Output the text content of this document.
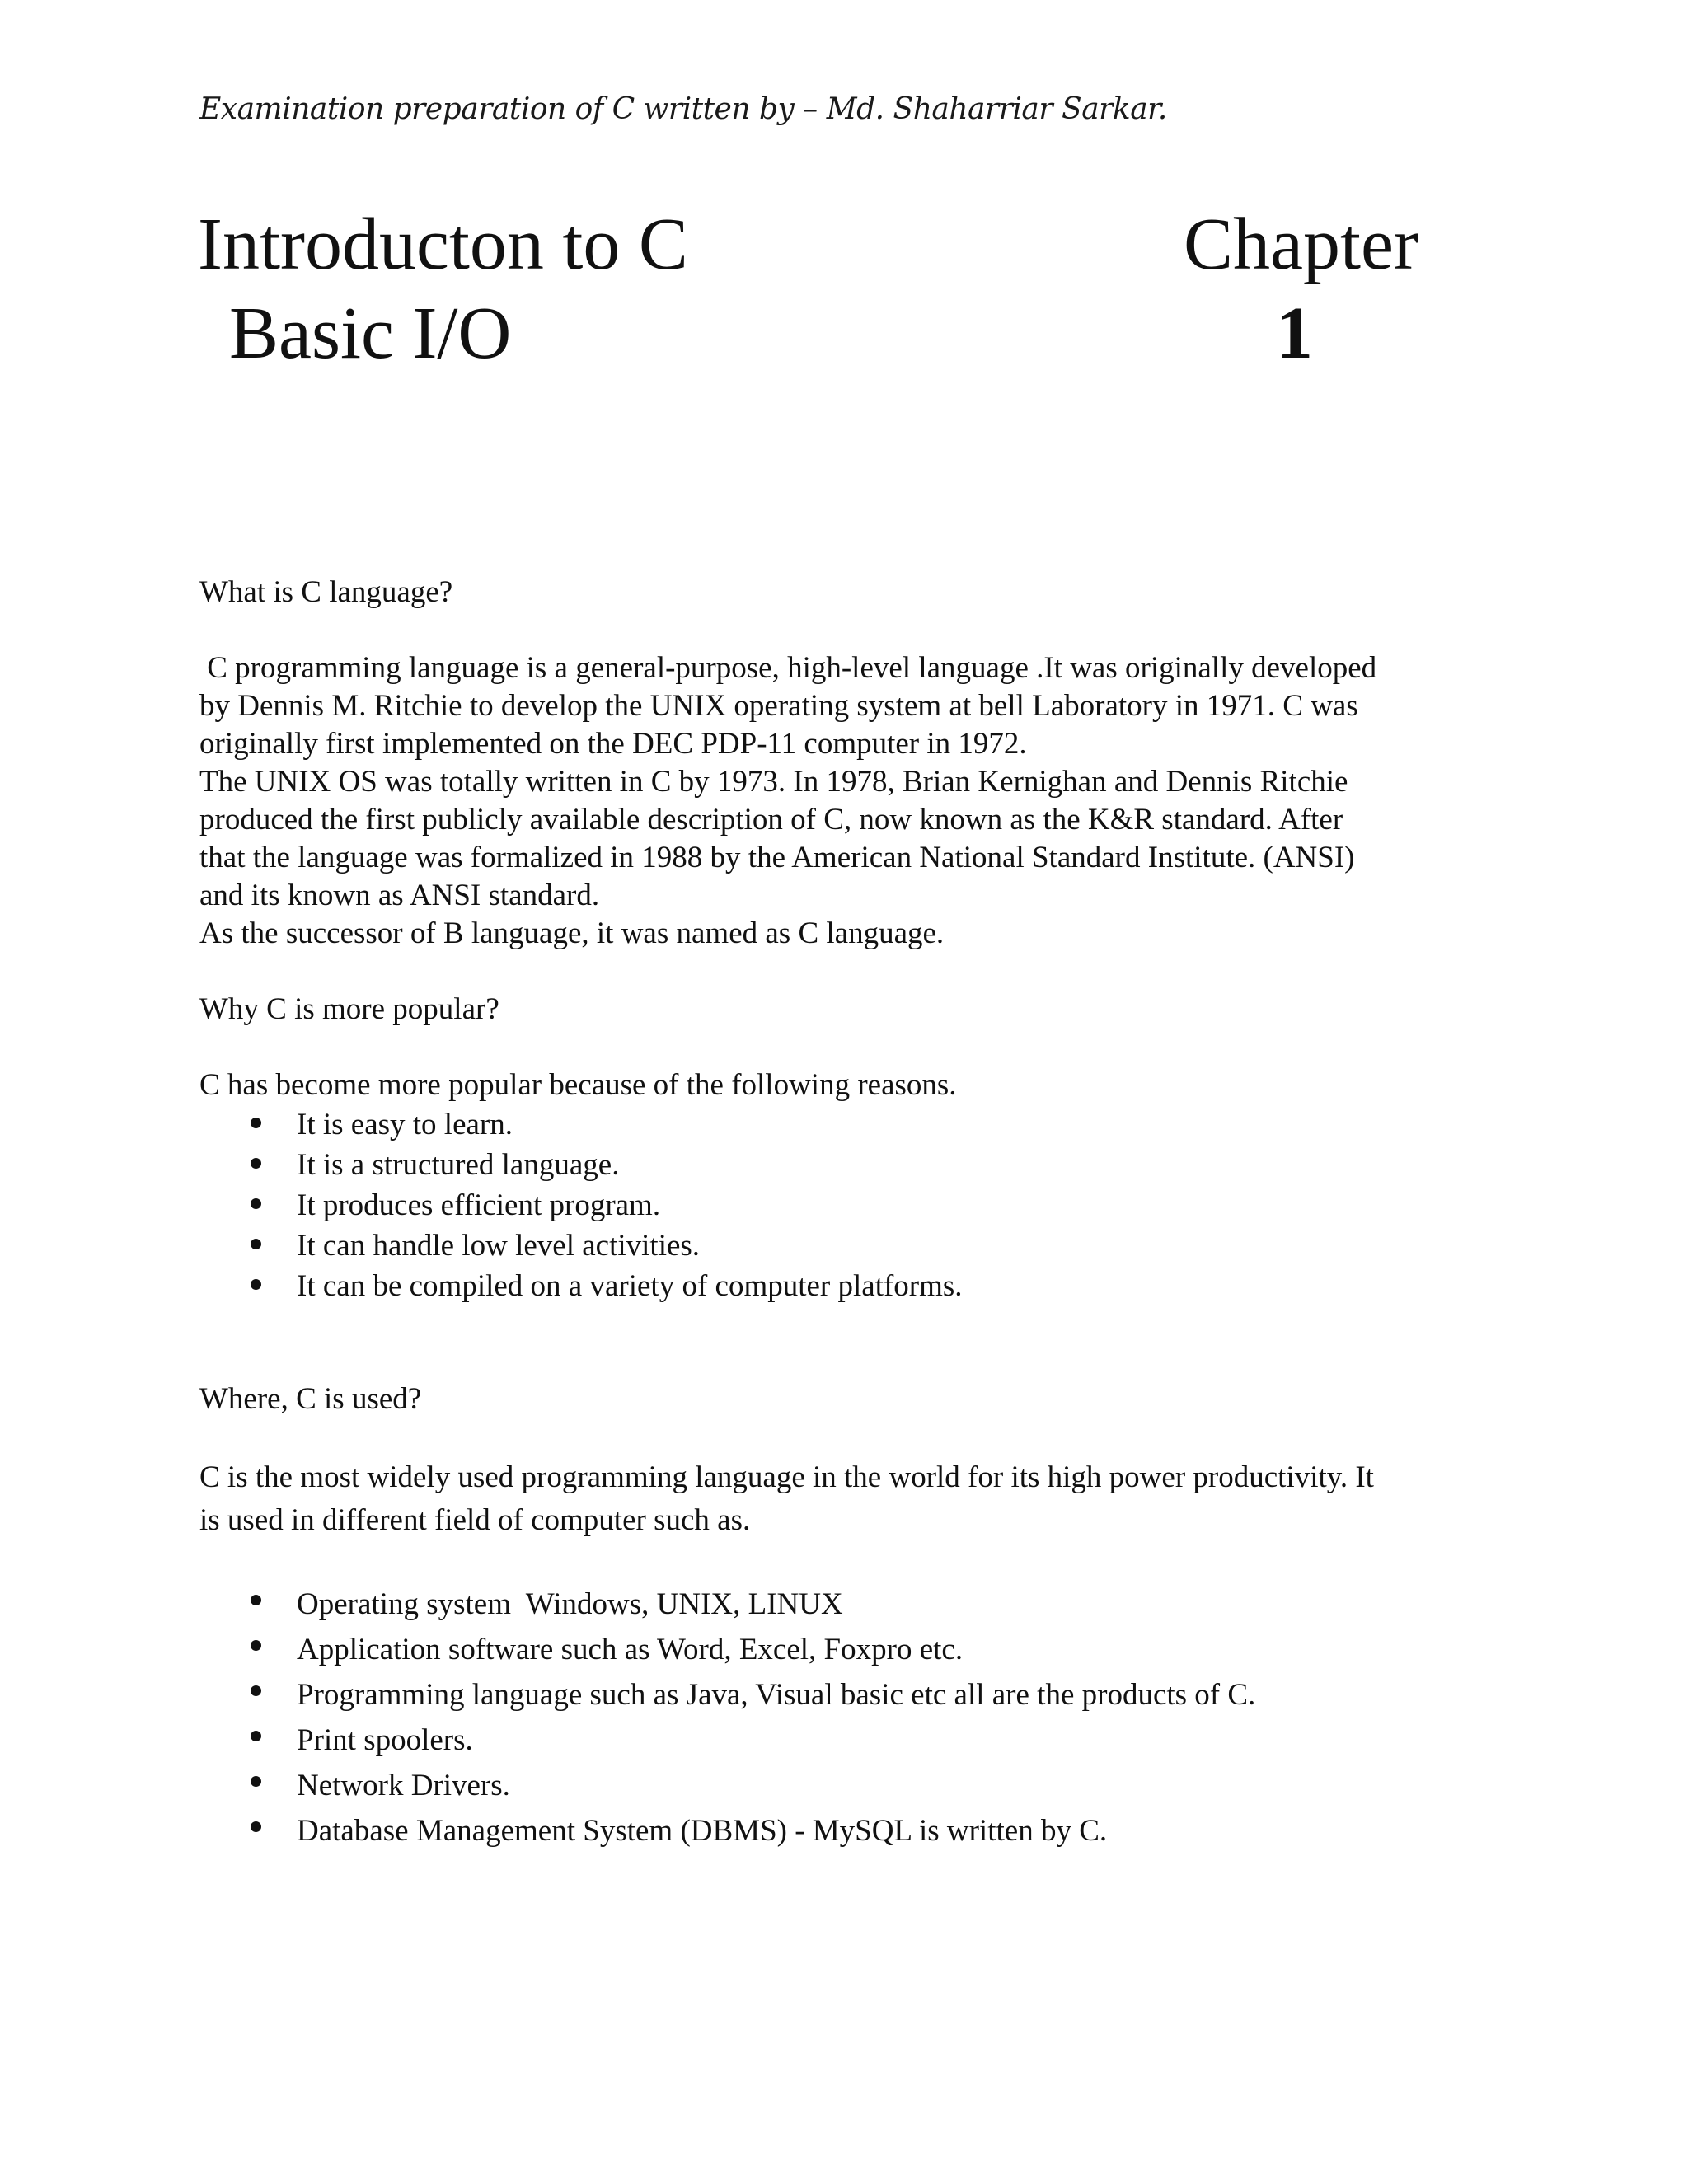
Examination preparation of C written by – Md. Shaharriar Sarkar.
Introducton to C
Basic I/O
Chapter
1

What is C language?

C programming language is a general-purpose, high-level language .It was originally developed
by Dennis M. Ritchie to develop the UNIX operating system at bell Laboratory in 1971. C was
originally first implemented on the DEC PDP-11 computer in 1972.
The UNIX OS was totally written in C by 1973. In 1978, Brian Kernighan and Dennis Ritchie
produced the first publicly available description of C, now known as the K&R standard. After
that the language was formalized in 1988 by the American National Standard Institute. (ANSI)
and its known as ANSI standard.
As the successor of B language, it was named as C language.

Why C is more popular?

C has become more popular because of the following reasons.

It is easy to learn.
It is a structured language.
It produces efficient program.
It can handle low level activities.
It can be compiled on a variety of computer platforms.

Where, C is used?

C is the most widely used programming language in the world for its high power productivity. It
is used in different field of computer such as.

Operating system  Windows, UNIX, LINUX
Application software such as Word, Excel, Foxpro etc.
Programming language such as Java, Visual basic etc all are the products of C.
Print spoolers.
Network Drivers.
Database Management System (DBMS) - MySQL is written by C.
